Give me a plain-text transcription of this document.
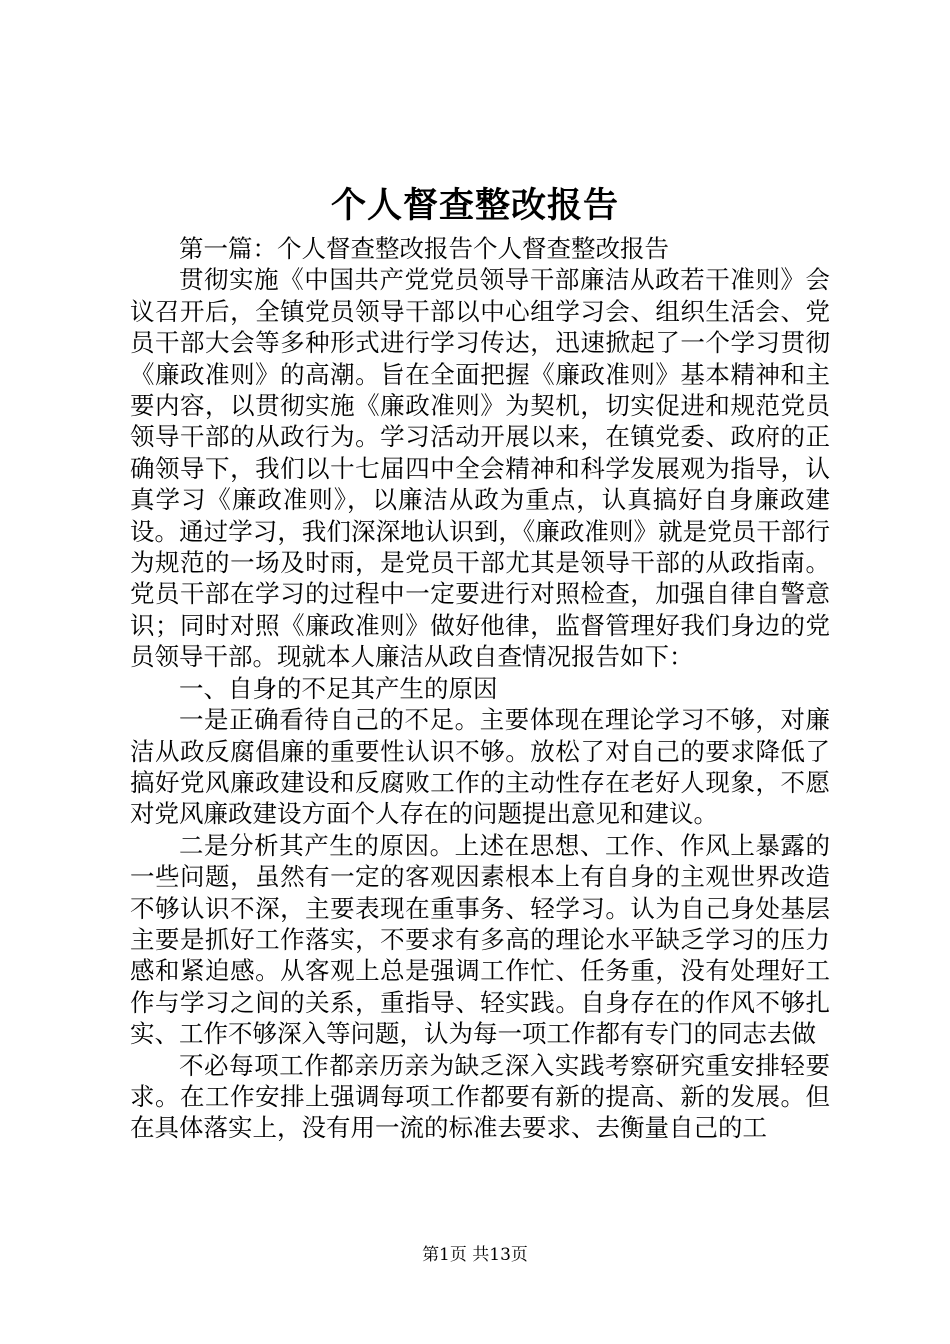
个人督查整改报告

第一篇：个人督查整改报告个人督查整改报告

贯彻实施《中国共产党党员领导干部廉洁从政若干准则》会议召开后，全镇党员领导干部以中心组学习会、组织生活会、党员干部大会等多种形式进行学习传达，迅速掀起了一个学习贯彻《廉政准则》的高潮。旨在全面把握《廉政准则》基本精神和主要内容，以贯彻实施《廉政准则》为契机，切实促进和规范党员领导干部的从政行为。学习活动开展以来，在镇党委、政府的正确领导下，我们以十七届四中全会精神和科学发展观为指导，认真学习《廉政准则》，以廉洁从政为重点，认真搞好自身廉政建设。通过学习，我们深深地认识到，《廉政准则》就是党员干部行为规范的一场及时雨，是党员干部尤其是领导干部的从政指南。党员干部在学习的过程中一定要进行对照检查，加强自律自警意识；同时对照《廉政准则》做好他律，监督管理好我们身边的党员领导干部。现就本人廉洁从政自查情况报告如下：

一、自身的不足其产生的原因

一是正确看待自己的不足。主要体现在理论学习不够，对廉洁从政反腐倡廉的重要性认识不够。放松了对自己的要求降低了搞好党风廉政建设和反腐败工作的主动性存在老好人现象，不愿对党风廉政建设方面个人存在的问题提出意见和建议。

二是分析其产生的原因。上述在思想、工作、作风上暴露的一些问题，虽然有一定的客观因素根本上有自身的主观世界改造不够认识不深，主要表现在重事务、轻学习。认为自己身处基层主要是抓好工作落实，不要求有多高的理论水平缺乏学习的压力感和紧迫感。从客观上总是强调工作忙、任务重，没有处理好工作与学习之间的关系，重指导、轻实践。自身存在的作风不够扎实、工作不够深入等问题，认为每一项工作都有专门的同志去做

不必每项工作都亲历亲为缺乏深入实践考察研究重安排轻要求。在工作安排上强调每项工作都要有新的提高、新的发展。但在具体落实上，没有用一流的标准去要求、去衡量自己的工

第1页 共13页
